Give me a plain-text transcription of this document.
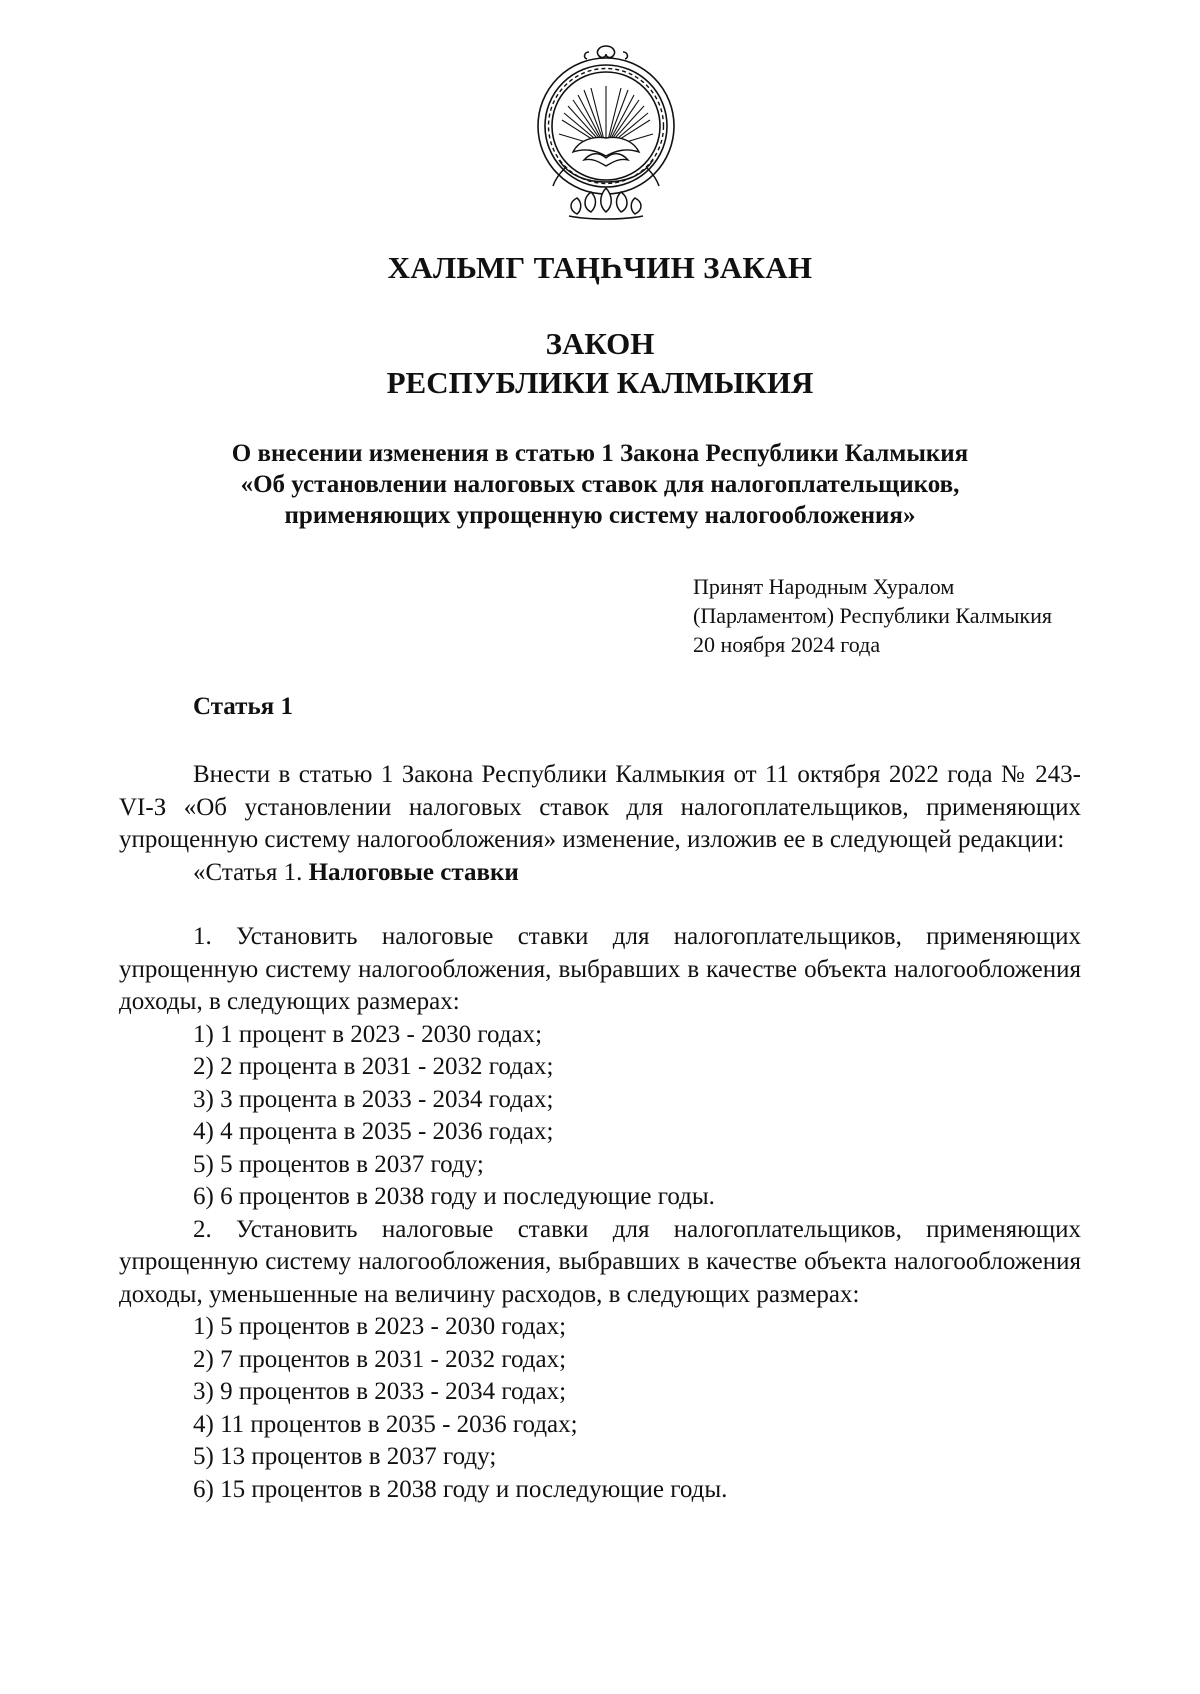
ХАЛЬМГ ТАҢҺЧИН ЗАКАН
ЗАКОН
РЕСПУБЛИКИ КАЛМЫКИЯ
О внесении изменения в статью 1 Закона Республики Калмыкия
«Об установлении налоговых ставок для налогоплательщиков,
применяющих упрощенную систему налогообложения»
Принят Народным Хуралом
(Парламентом) Республики Калмыкия
20 ноября 2024 года
Статья 1

Внести в статью 1 Закона Республики Калмыкия от 11 октября 2022 года № 243-VI-З «Об установлении налоговых ставок для налогоплательщиков, применяющих упрощенную систему налогообложения» изменение, изложив ее в следующей редакции:

«Статья 1. Налоговые ставки

1. Установить налоговые ставки для налогоплательщиков, применяющих упрощенную систему налогообложения, выбравших в качестве объекта налогообложения доходы, в следующих размерах:

1) 1 процент в 2023 - 2030 годах;
2) 2 процента в 2031 - 2032 годах;
3) 3 процента в 2033 - 2034 годах;
4) 4 процента в 2035 - 2036 годах;
5) 5 процентов в 2037 году;
6) 6 процентов в 2038 году и последующие годы.

2. Установить налоговые ставки для налогоплательщиков, применяющих упрощенную систему налогообложения, выбравших в качестве объекта налогообложения доходы, уменьшенные на величину расходов, в следующих размерах:

1) 5 процентов в 2023 - 2030 годах;
2) 7 процентов в 2031 - 2032 годах;
3) 9 процентов в 2033 - 2034 годах;
4) 11 процентов в 2035 - 2036 годах;
5) 13 процентов в 2037 году;
6) 15 процентов в 2038 году и последующие годы.
